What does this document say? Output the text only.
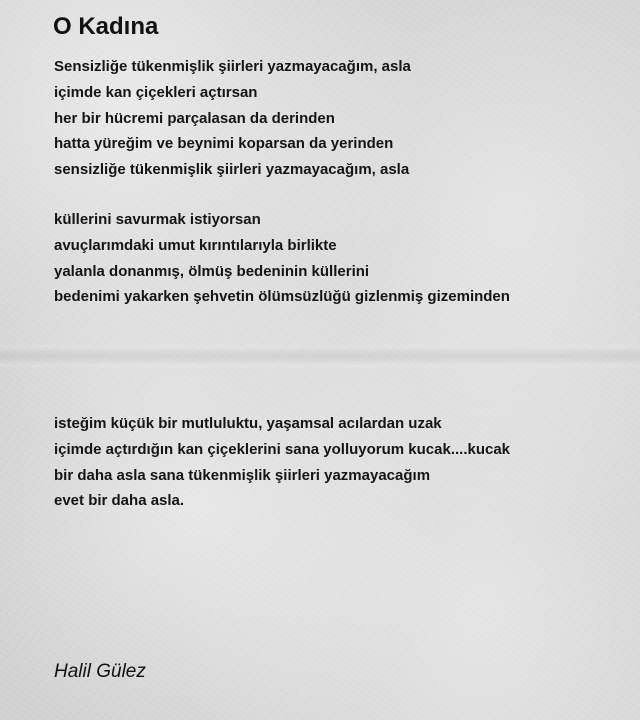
O Kadına
Sensizliğe tükenmişlik şiirleri yazmayacağım, asla
içimde kan çiçekleri açtırsan
her bir hücremi parçalasan da derinden
hatta yüreğim ve beynimi koparsan da yerinden
sensizliğe tükenmişlik şiirleri yazmayacağım, asla
küllerini savurmak istiyorsan
avuçlarımdaki umut kırıntılarıyla birlikte
yalanla donanmış, ölmüş bedeninin küllerini
bedenimi yakarken şehvetin ölümsüzlüğü gizlenmiş gizeminden
isteğim küçük bir mutluluktu, yaşamsal acılardan uzak
içimde açtırdığın kan çiçeklerini sana yolluyorum kucak....kucak
bir daha asla sana tükenmişlik şiirleri yazmayacağım
evet bir daha asla.
Halil Gülez
